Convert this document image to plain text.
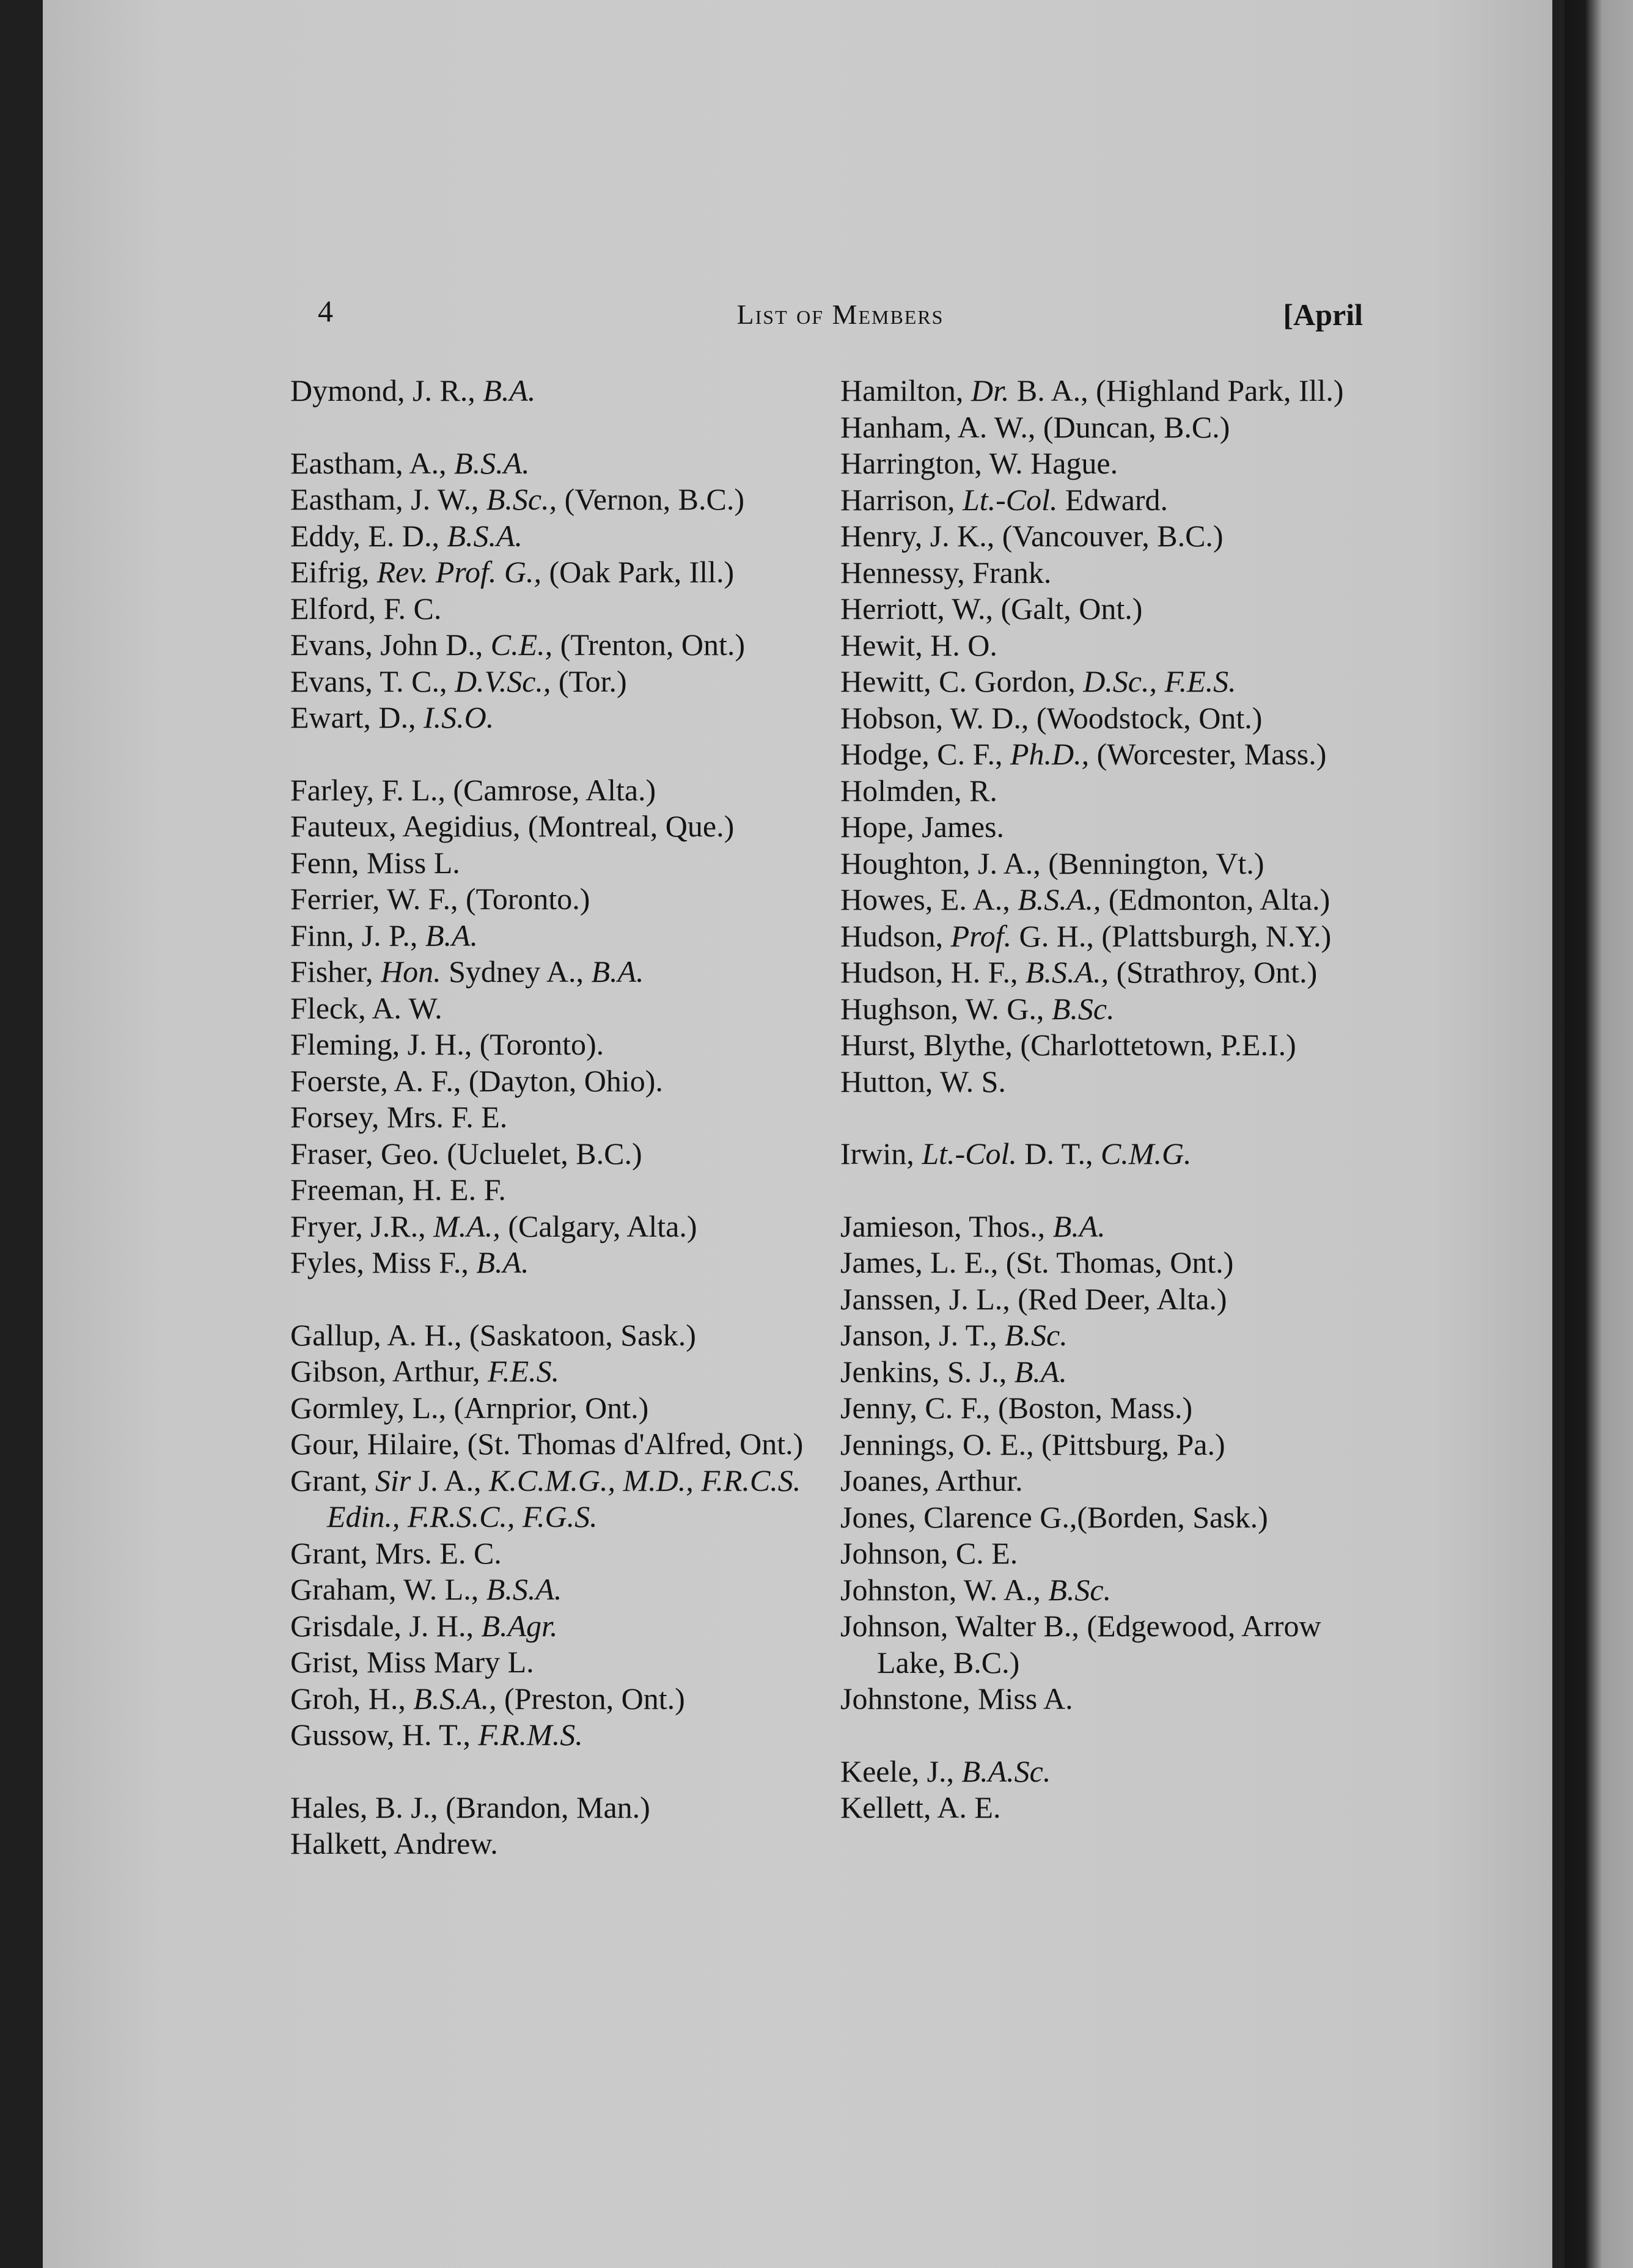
4	List of Members	[April
Dymond, J. R., B.A.
Eastham, A., B.S.A.
Eastham, J. W., B.Sc., (Vernon, B.C.)
Eddy, E. D., B.S.A.
Eifrig, Rev. Prof. G., (Oak Park, Ill.)
Elford, F. C.
Evans, John D., C.E., (Trenton, Ont.)
Evans, T. C., D.V.Sc., (Tor.)
Ewart, D., I.S.O.
Farley, F. L., (Camrose, Alta.)
Fauteux, Aegidius, (Montreal, Que.)
Fenn, Miss L.
Ferrier, W. F., (Toronto.)
Finn, J. P., B.A.
Fisher, Hon. Sydney A., B.A.
Fleck, A. W.
Fleming, J. H., (Toronto).
Foerste, A. F., (Dayton, Ohio).
Forsey, Mrs. F. E.
Fraser, Geo. (Ucluelet, B.C.)
Freeman, H. E. F.
Fryer, J.R., M.A., (Calgary, Alta.)
Fyles, Miss F., B.A.
Gallup, A. H., (Saskatoon, Sask.)
Gibson, Arthur, F.E.S.
Gormley, L., (Arnprior, Ont.)
Gour, Hilaire, (St. Thomas d'Alfred, Ont.)
Grant, Sir J. A., K.C.M.G., M.D., F.R.C.S. Edin., F.R.S.C., F.G.S.
Grant, Mrs. E. C.
Graham, W. L., B.S.A.
Grisdale, J. H., B.Agr.
Grist, Miss Mary L.
Groh, H., B.S.A., (Preston, Ont.)
Gussow, H. T., F.R.M.S.
Hales, B. J., (Brandon, Man.)
Halkett, Andrew.
Hamilton, Dr. B. A., (Highland Park, Ill.)
Hanham, A. W., (Duncan, B.C.)
Harrington, W. Hague.
Harrison, Lt.-Col. Edward.
Henry, J. K., (Vancouver, B.C.)
Hennessy, Frank.
Herriott, W., (Galt, Ont.)
Hewit, H. O.
Hewitt, C. Gordon, D.Sc., F.E.S.
Hobson, W. D., (Woodstock, Ont.)
Hodge, C. F., Ph.D., (Worcester, Mass.)
Holmden, R.
Hope, James.
Houghton, J. A., (Bennington, Vt.)
Howes, E. A., B.S.A., (Edmonton, Alta.)
Hudson, Prof. G. H., (Plattsburgh, N.Y.)
Hudson, H. F., B.S.A., (Strathroy, Ont.)
Hughson, W. G., B.Sc.
Hurst, Blythe, (Charlottetown, P.E.I.)
Hutton, W. S.
Irwin, Lt.-Col. D. T., C.M.G.
Jamieson, Thos., B.A.
James, L. E., (St. Thomas, Ont.)
Janssen, J. L., (Red Deer, Alta.)
Janson, J. T., B.Sc.
Jenkins, S. J., B.A.
Jenny, C. F., (Boston, Mass.)
Jennings, O. E., (Pittsburg, Pa.)
Joanes, Arthur.
Jones, Clarence G.,(Borden, Sask.)
Johnson, C. E.
Johnston, W. A., B.Sc.
Johnson, Walter B., (Edgewood, Arrow Lake, B.C.)
Johnstone, Miss A.
Keele, J., B.A.Sc.
Kellett, A. E.
